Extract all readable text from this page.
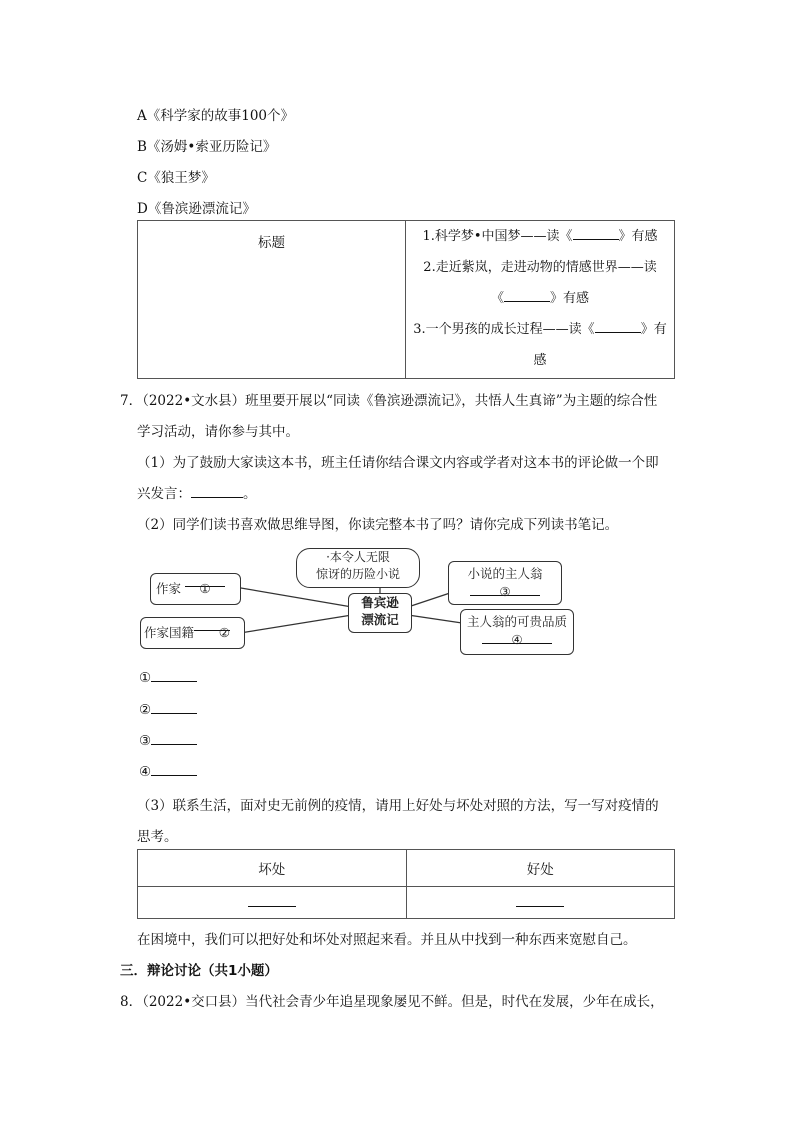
A《科学家的故事100个》
B《汤姆•索亚历险记》
C《狼王梦》
D《鲁滨逊漂流记》
标题	1.科学梦•中国梦——读《	》有感
2.走近紫岚，走进动物的情感世界——读
《	》有感
3.一个男孩的成长过程——读《	》有
感
7．（2022•文水县）班里要开展以“同读《鲁滨逊漂流记》，共悟人生真谛”为主题的综合性
学习活动，请你参与其中。
（1）为了鼓励大家读这本书，班主任请你结合课文内容或学者对这本书的评论做一个即
兴发言：	。
（2）同学们读书喜欢做思维导图，你读完整本书了吗？请你完成下列读书笔记。
·本令人无限
惊讶的历险小说
鲁宾逊
漂流记
作家 ①
作家国籍 ②
小说的主人翁
③
主人翁的可贵品质
④
①
②
③
④
（3）联系生活，面对史无前例的疫情，请用上好处与坏处对照的方法，写一写对疫情的
思考。
坏处	好处

在困境中，我们可以把好处和坏处对照起来看。并且从中找到一种东西来宽慰自己。
三．辩论讨论（共1小题）
8．（2022•交口县）当代社会青少年追星现象屡见不鲜。但是，时代在发展，少年在成长，
